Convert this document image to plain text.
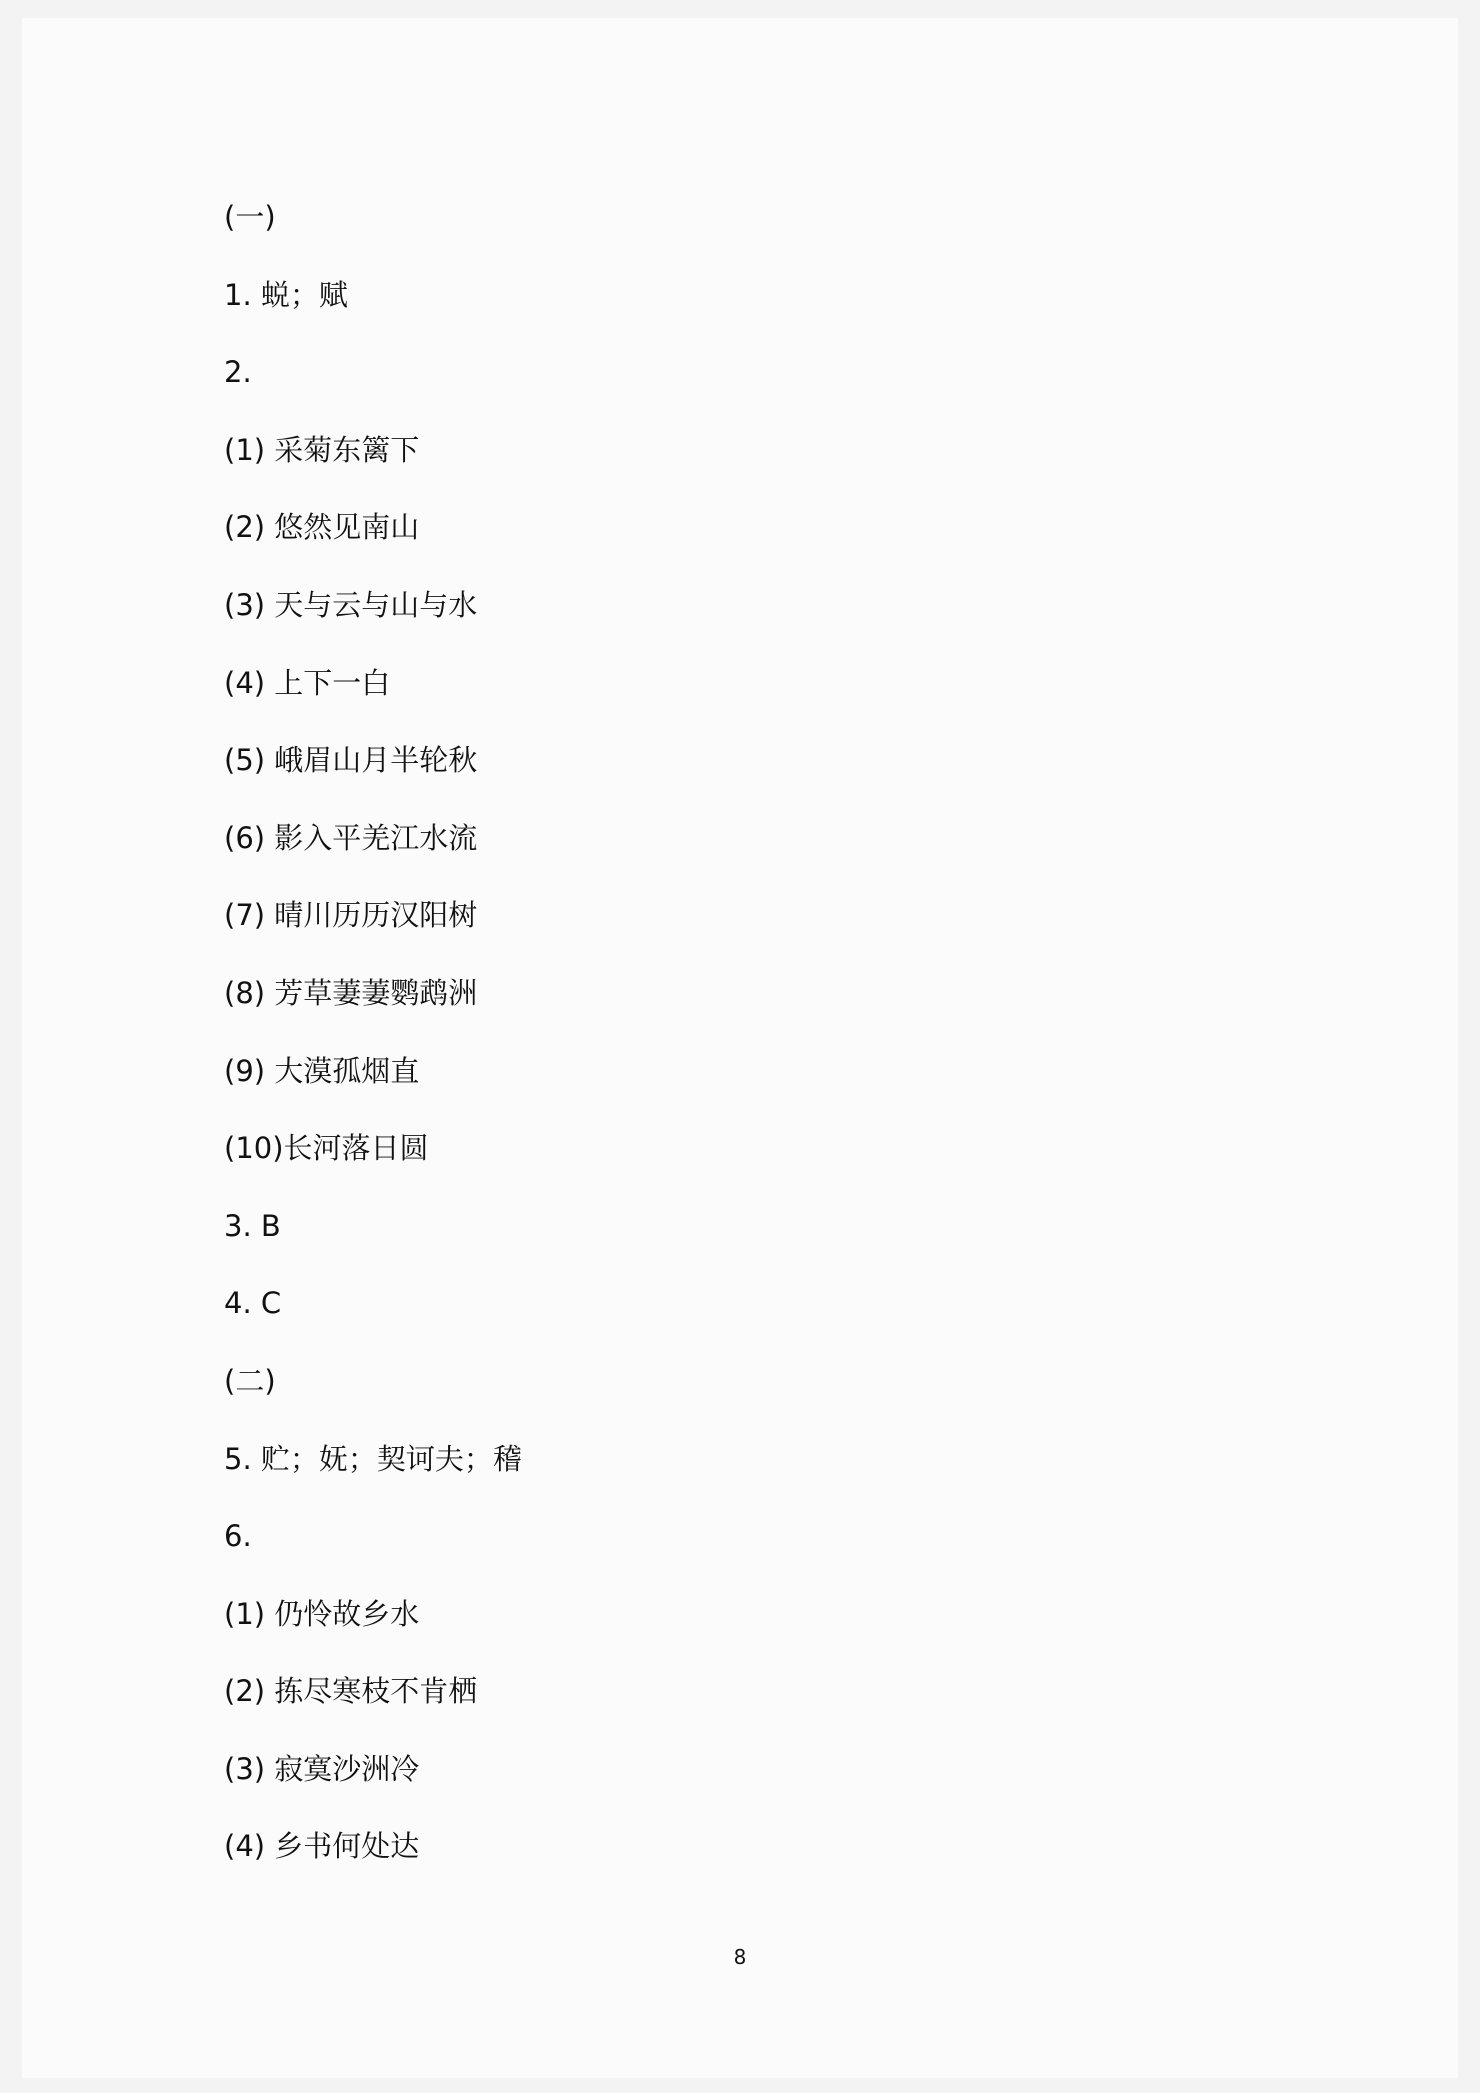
(一)
1. 蜕；赋
2.
(1) 采菊东篱下
(2) 悠然见南山
(3) 天与云与山与水
(4) 上下一白
(5) 峨眉山月半轮秋
(6) 影入平羌江水流
(7) 晴川历历汉阳树
(8) 芳草萋萋鹦鹉洲
(9) 大漠孤烟直
(10)长河落日圆
3. B
4. C
(二)
5. 贮；妩；契诃夫；稽
6.
(1) 仍怜故乡水
(2) 拣尽寒枝不肯栖
(3) 寂寞沙洲冷
(4) 乡书何处达
8
